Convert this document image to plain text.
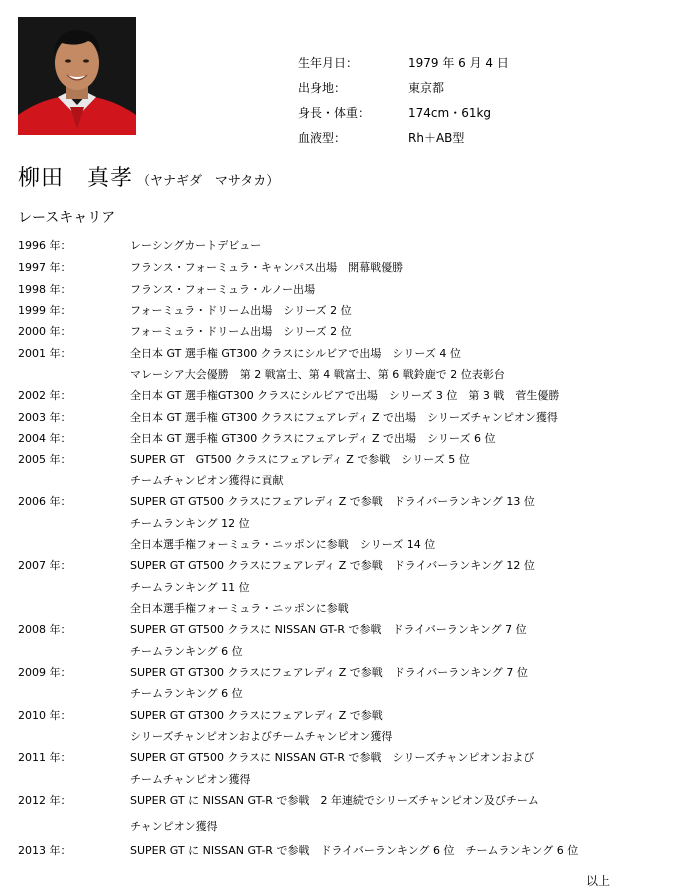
生年月日：	1979 年 6 月 4 日
出身地：	東京都
身長・体重：	174cm・61kg
血液型：	Rh＋AB型
柳田　真孝 （ヤナギダ　マサタカ）
レースキャリア
1996 年：	レーシングカートデビュー
1997 年：	フランス・フォーミュラ・キャンパス出場　開幕戦優勝
1998 年：	フランス・フォーミュラ・ルノー出場
1999 年：	フォーミュラ・ドリーム出場　シリーズ 2 位
2000 年：	フォーミュラ・ドリーム出場　シリーズ 2 位
2001 年：	全日本 GT 選手権 GT300 クラスにシルビアで出場　シリーズ 4 位
マレーシア大会優勝　第 2 戦富士、第 4 戦富士、第 6 戦鈴鹿で 2 位表彰台
2002 年：	全日本 GT 選手権GT300 クラスにシルビアで出場　シリーズ 3 位　第 3 戦　菅生優勝
2003 年：	全日本 GT 選手権 GT300 クラスにフェアレディ Z で出場　シリーズチャンピオン獲得
2004 年：	全日本 GT 選手権 GT300 クラスにフェアレディ Z で出場　シリーズ 6 位
2005 年：	SUPER GT　GT500 クラスにフェアレディ Z で参戦　シリーズ 5 位
チームチャンピオン獲得に貢献
2006 年：	SUPER GT GT500 クラスにフェアレディ Z で参戦　ドライバーランキング 13 位
チームランキング 12 位
全日本選手権フォーミュラ・ニッポンに参戦　シリーズ 14 位
2007 年：	SUPER GT GT500 クラスにフェアレディ Z で参戦　ドライバーランキング 12 位
チームランキング 11 位
全日本選手権フォーミュラ・ニッポンに参戦
2008 年：	SUPER GT GT500 クラスに NISSAN GT-R で参戦　ドライバーランキング 7 位
チームランキング 6 位
2009 年：	SUPER GT GT300 クラスにフェアレディ Z で参戦　ドライバーランキング 7 位
チームランキング 6 位
2010 年：	SUPER GT GT300 クラスにフェアレディ Z で参戦
シリーズチャンピオンおよびチームチャンピオン獲得
2011 年：	SUPER GT GT500 クラスに NISSAN GT-R で参戦　シリーズチャンピオンおよび
チームチャンピオン獲得
2012 年：	SUPER GT に NISSAN GT-R で参戦　2 年連続でシリーズチャンピオン及びチーム
チャンピオン獲得
2013 年：	SUPER GT に NISSAN GT-R で参戦　ドライバーランキング 6 位　チームランキング 6 位
以上
